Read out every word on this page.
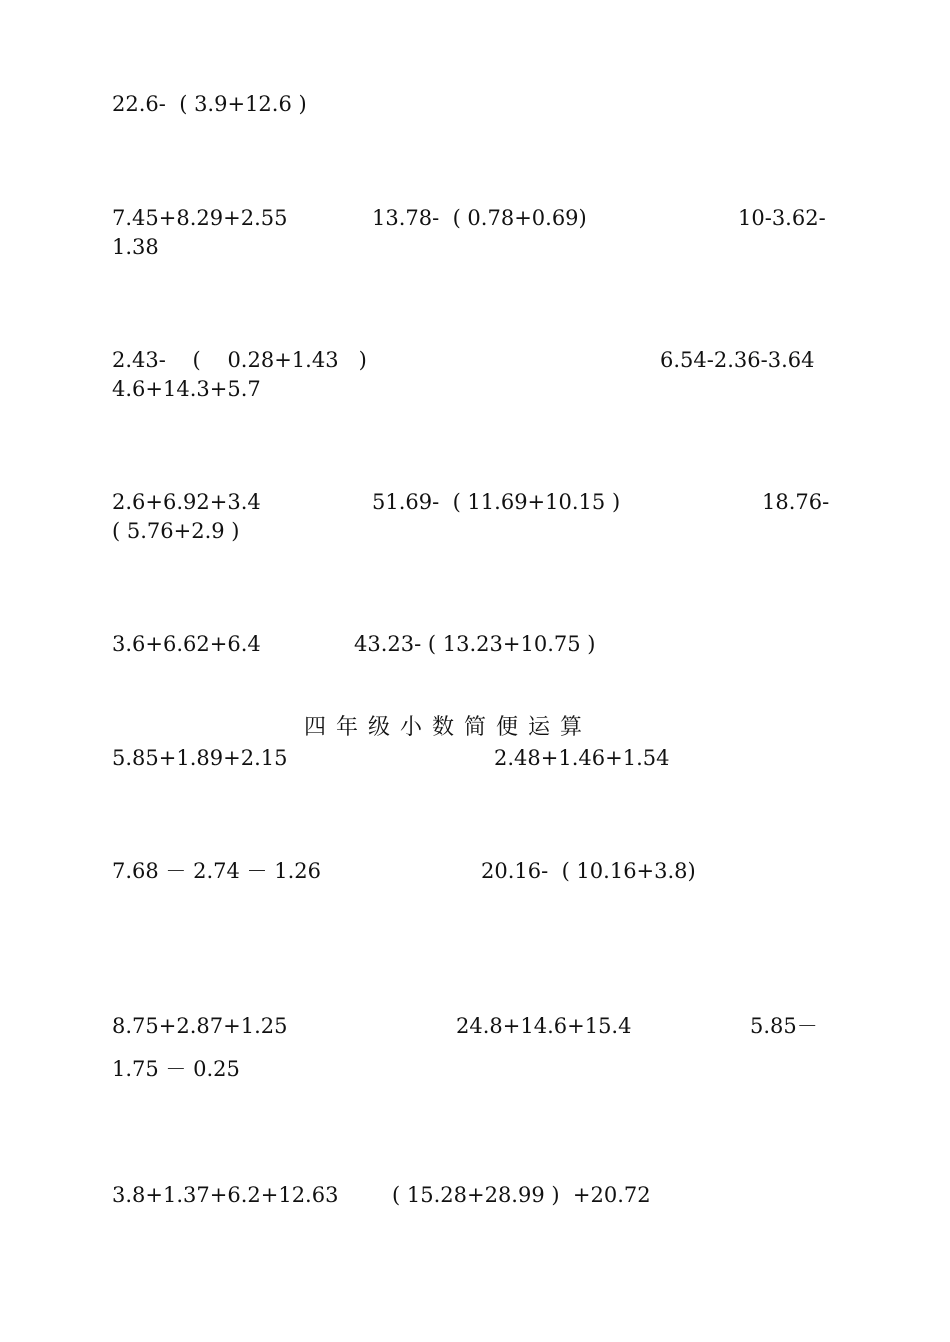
22.6-  ( 3.9+12.6 )
7.45+8.29+2.55	13.78-  ( 0.78+0.69)	10-3.62-
1.38
2.43-    (    0.28+1.43   )	6.54-2.36-3.64
4.6+14.3+5.7
2.6+6.92+3.4	51.69-  ( 11.69+10.15 )	18.76-
( 5.76+2.9 )
3.6+6.62+6.4	43.23- ( 13.23+10.75 )
四年级小数简便运算
5.85+1.89+2.15	2.48+1.46+1.54
7.68 － 2.74 － 1.26	20.16-  ( 10.16+3.8)
8.75+2.87+1.25	24.8+14.6+15.4	5.85－
1.75 － 0.25
3.8+1.37+6.2+12.63	( 15.28+28.99 )  +20.72
